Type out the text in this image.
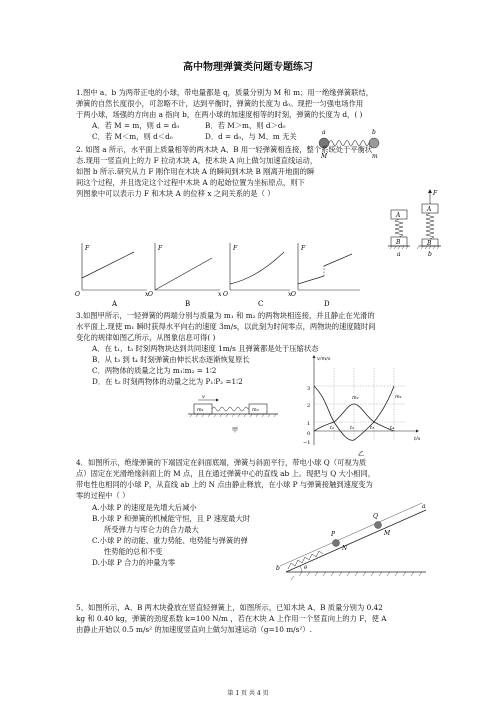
高中物理弹簧类问题专题练习
1.图中 a、b 为两带正电的小球，带电量都是 q，质量分别为 M 和 m；用一绝缘弹簧联结，
弹簧的自然长度很小，可忽略不计，达到平衡时，弹簧的长度为 d₀。现把一匀强电场作用
于两小球，场强的方向由 a 指向 b，在两小球的加速度相等的时刻，弹簧的长度为 d，( )
A．若 M = m，则 d = d₀	B．若 M＞m，则 d＞d₀
C．若 M＜m，则 d＜d₀	D．d = d₀，与 M、m 无关	a	b
M	m
2. 如图 a 所示，水平面上质量相等的两木块 A、B 用一轻弹簧相连接，整个系统处于平衡状
态.现用一竖直向上的力 F 拉动木块 A，使木块 A 向上做匀加速直线运动，
如图 b 所示.研究从力 F 刚作用在木块 A 的瞬间到木块 B 刚离开地面的瞬
间这个过程，并且选定这个过程中木块 A 的起始位置为坐标原点，则下
列图象中可以表示力 F 和木块 A 的位移 x 之间关系的是（ ）
A
B
a
F
A
B
b
F
x
O
A
F
x
O
B
F
x
O
C
F
O
D
3.如图甲所示，一轻弹簧的两端分别与质量为 m₁ 和 m₂ 的两物块相连接，并且静止在光滑的
水平面上.现使 m₁ 瞬时获得水平向右的速度 3m/s，以此刻为时间零点，两物块的速度随时间
变化的规律如图乙所示，从图象信息可得( )
A．在 t₁、t₃ 时刻两物块达到共同速度 1m/s 且弹簧都是处于压缩状态
B．从 t₃ 到 t₄ 时刻弹簧由伸长状态逐渐恢复原长
C．两物体的质量之比为 m₁∶m₂ = 1∶2
D．在 t₂ 时刻两物体的动量之比为 P₁∶P₂ =1∶2
v
m₁	m₂
甲
v/m/s
t/s
3
2
1
0
−1
t₁	t₂	t₃	t₄
m₂	m₁
乙
4．如图所示，绝缘弹簧的下端固定在斜面底端，弹簧与斜面平行，带电小球 Q（可视为质
点）固定在光滑绝缘斜面上的 M 点，且在通过弹簧中心的直线 ab 上。现把与 Q 大小相同，
带电性也相同的小球 P，从直线 ab 上的 N 点由静止释放，在小球 P 与弹簧接触到速度变为
零的过程中（ ）
A.小球 P 的速度是先增大后减小
B.小球 P 和弹簧的机械能守恒，且 P 速度最大时
所受弹力与库仑力的合力最大
C.小球 P 的动能、重力势能、电势能与弹簧的弹
性势能的总和不变
D.小球 P 合力的冲量为零
P
N
Q
M
a
b	θ
5、如图所示，A、B 两木块叠放在竖直轻弹簧上，如图所示，已知木块 A、B 质量分别为 0.42
kg 和 0.40 kg，弹簧的劲度系数 k=100 N/m ，若在木块 A 上作用一个竖直向上的力 F，使 A
由静止开始以 0.5 m/s² 的加速度竖直向上做匀加速运动（g=10 m/s²）.
第 1 页 共 4 页
